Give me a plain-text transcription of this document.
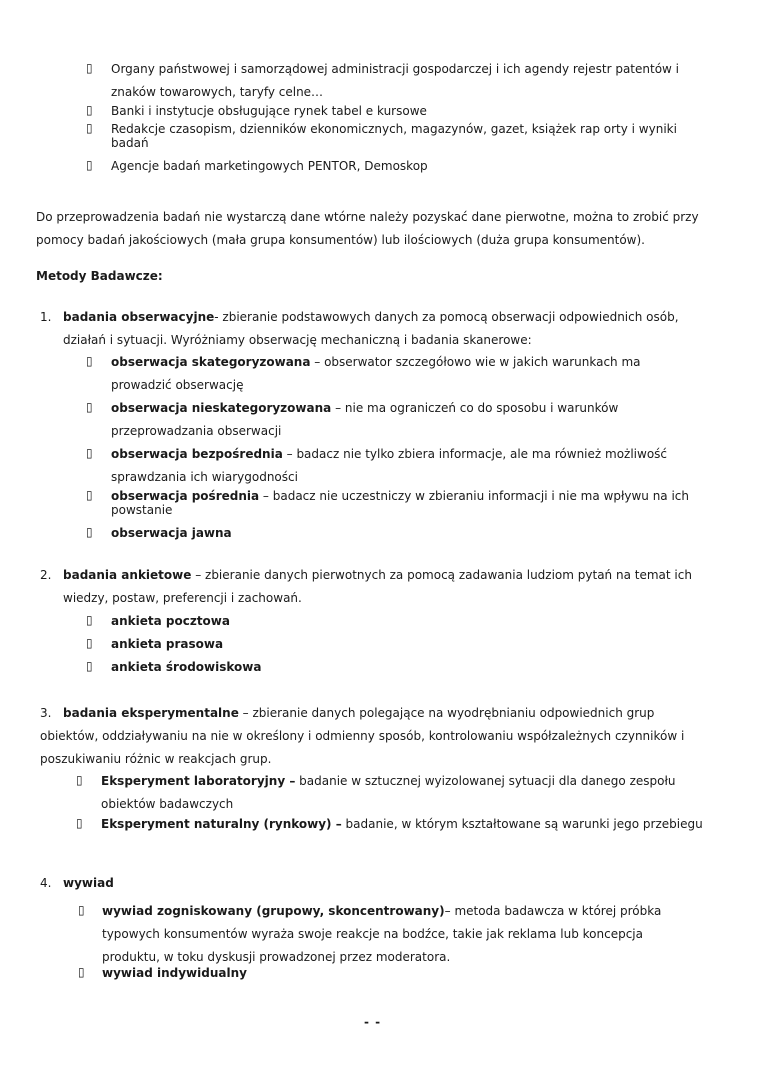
▯ Organy państwowej i samorządowej administracji gospodarczej i ich agendy rejestr patentów i
znaków towarowych, taryfy celne…
▯ Banki i instytucje obsługujące rynek tabel e kursowe
▯ Redakcje czasopism, dzienników ekonomicznych, magazynów, gazet, książek rap orty i wyniki
badań
▯ Agencje badań marketingowych PENTOR, Demoskop
Do przeprowadzenia badań nie wystarczą dane wtórne należy pozyskać dane pierwotne, można to zrobić przy
pomocy badań jakościowych (mała grupa konsumentów) lub ilościowych (duża grupa konsumentów).
Metody Badawcze:
1. badania obserwacyjne- zbieranie podstawowych danych za pomocą obserwacji odpowiednich osób,
działań i sytuacji. Wyróżniamy obserwację mechaniczną i badania skanerowe:
▯ obserwacja skategoryzowana – obserwator szczegółowo wie w jakich warunkach ma
prowadzić obserwację
▯ obserwacja nieskategoryzowana – nie ma ograniczeń co do sposobu i warunków
przeprowadzania obserwacji
▯ obserwacja bezpośrednia – badacz nie tylko zbiera informacje, ale ma również możliwość
sprawdzania ich wiarygodności
▯ obserwacja pośrednia – badacz nie uczestniczy w zbieraniu informacji i nie ma wpływu na ich
powstanie
▯ obserwacja jawna
2. badania ankietowe – zbieranie danych pierwotnych za pomocą zadawania ludziom pytań na temat ich
wiedzy, postaw, preferencji i zachowań.
▯ ankieta pocztowa
▯ ankieta prasowa
▯ ankieta środowiskowa
3. badania eksperymentalne – zbieranie danych polegające na wyodrębnianiu odpowiednich grup
obiektów, oddziaływaniu na nie w określony i odmienny sposób, kontrolowaniu współzależnych czynników i
poszukiwaniu różnic w reakcjach grup.
▯ Eksperyment laboratoryjny – badanie w sztucznej wyizolowanej sytuacji dla danego zespołu
obiektów badawczych
▯ Eksperyment naturalny (rynkowy) – badanie, w którym kształtowane są warunki jego przebiegu
4. wywiad
▯ wywiad zogniskowany (grupowy, skoncentrowany)– metoda badawcza w której próbka
typowych konsumentów wyraża swoje reakcje na bodźce, takie jak reklama lub koncepcja
produktu, w toku dyskusji prowadzonej przez moderatora.
▯ wywiad indywidualny
- -
